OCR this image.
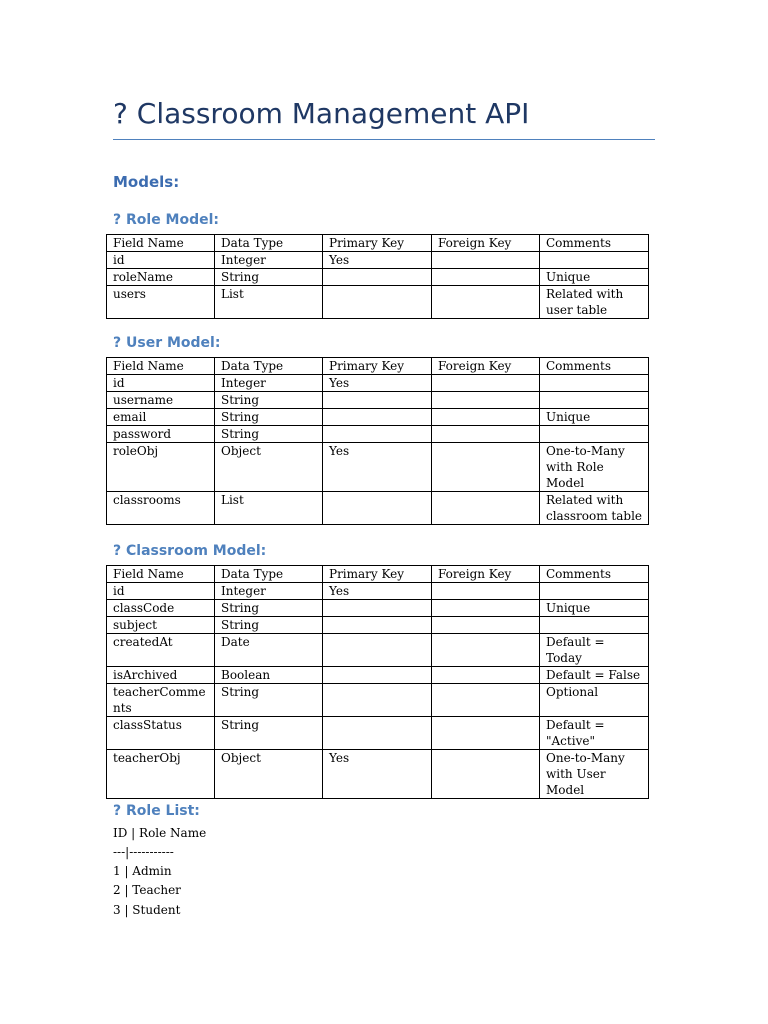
? Classroom Management API
Models:
? Role Model:
Field Name	Data Type	Primary Key	Foreign Key	Comments
id	Integer	Yes		
roleName	String			Unique
users	List			Related with user table
? User Model:
Field Name	Data Type	Primary Key	Foreign Key	Comments
id	Integer	Yes		
username	String			
email	String			Unique
password	String			
roleObj	Object	Yes		One-to-Many with Role Model
classrooms	List			Related with classroom table
? Classroom Model:
Field Name	Data Type	Primary Key	Foreign Key	Comments
id	Integer	Yes		
classCode	String			Unique
subject	String			
createdAt	Date			Default = Today
isArchived	Boolean			Default = False
teacherComments	String			Optional
classStatus	String			Default = "Active"
teacherObj	Object	Yes		One-to-Many with User Model
? Role List:
ID | Role Name
---|-----------
1 | Admin
2 | Teacher
3 | Student
